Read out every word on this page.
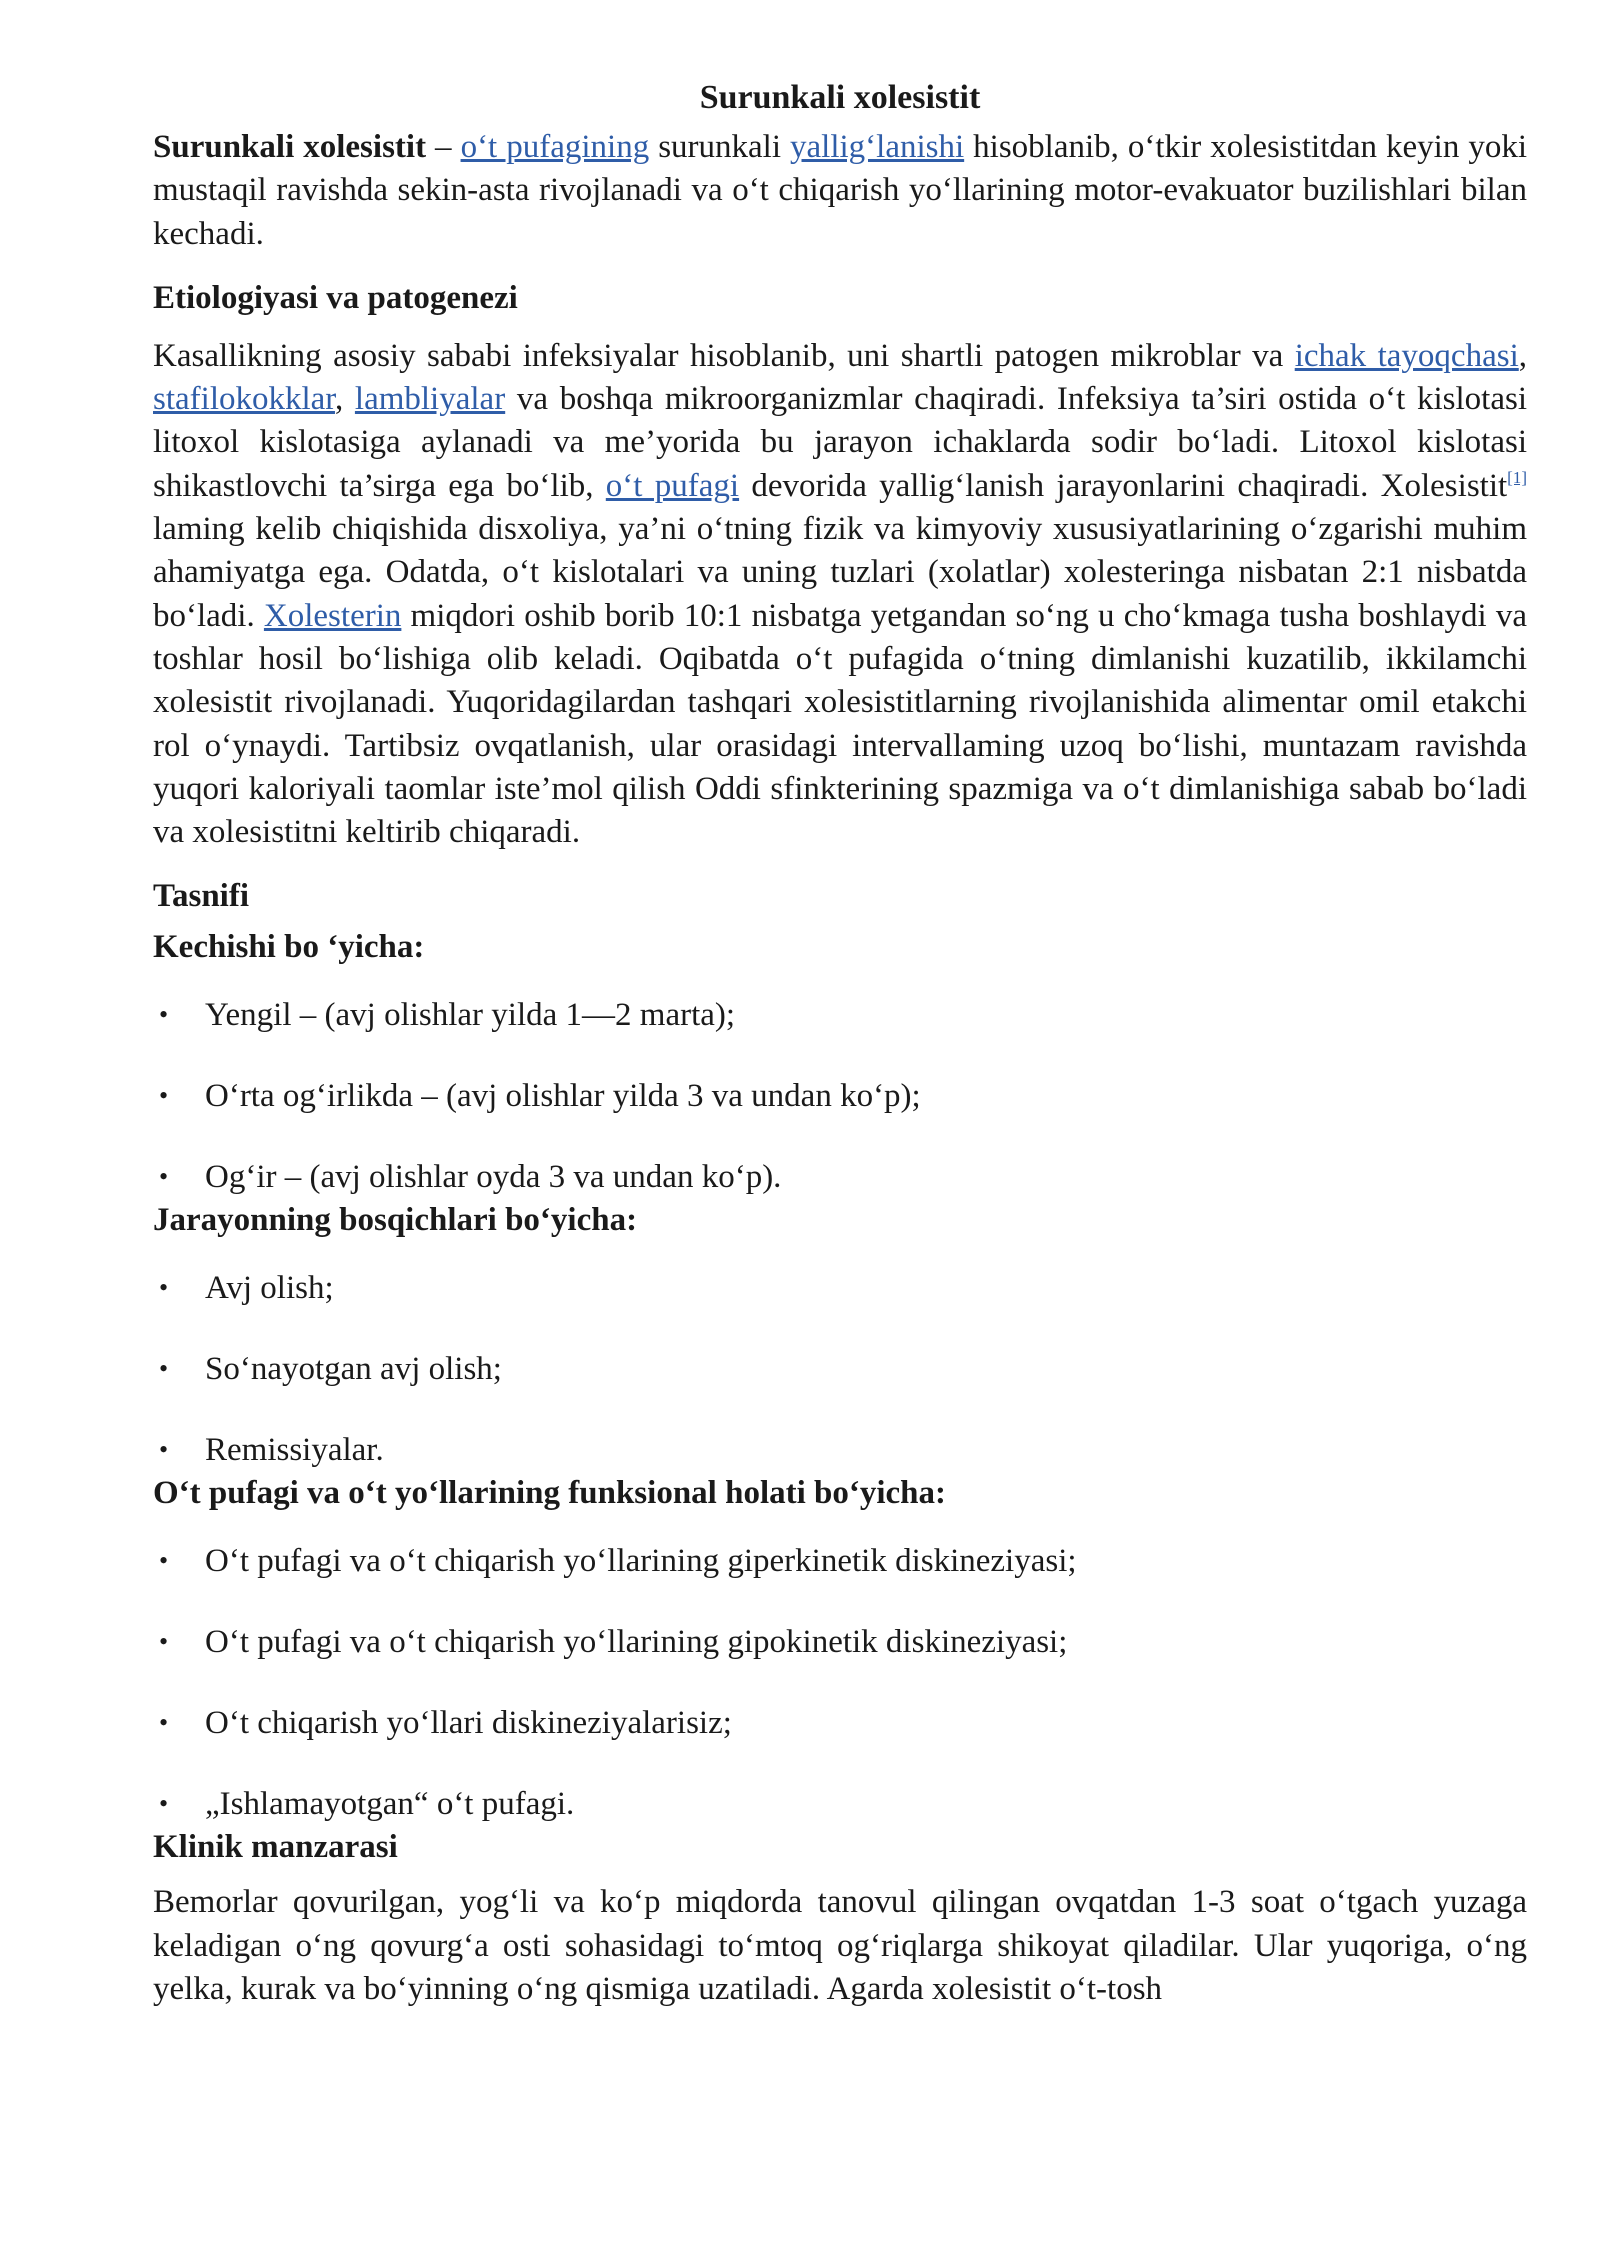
Surunkali xolesistit

Surunkali xolesistit – o‘t pufagining surunkali yallig‘lanishi hisoblanib, o‘tkir xolesistitdan keyin yoki mustaqil ravishda sekin-asta rivojlanadi va o‘t chiqarish yo‘llarining motor-evakuator buzilishlari bilan kechadi.

Etiologiyasi va patogenezi

Kasallikning asosiy sababi infeksiyalar hisoblanib, uni shartli patogen mikroblar va ichak tayoqchasi, stafilokokklar, lambliyalar va boshqa mikroorganizmlar chaqiradi. Infeksiya ta’siri ostida o‘t kislotasi litoxol kislotasiga aylanadi va me’yorida bu jarayon ichaklarda sodir bo‘ladi. Litoxol kislotasi shikastlovchi ta’sirga ega bo‘lib, o‘t pufagi devorida yallig‘lanish jarayonlarini chaqiradi. Xolesistit[1] laming kelib chiqishida disxoliya, ya’ni o‘tning fizik va kimyoviy xususiyatlarining o‘zgarishi muhim ahamiyatga ega. Odatda, o‘t kislotalari va uning tuzlari (xolatlar) xolesteringa nisbatan 2:1 nisbatda bo‘ladi. Xolesterin miqdori oshib borib 10:1 nisbatga yetgandan so‘ng u cho‘kmaga tusha boshlaydi va toshlar hosil bo‘lishiga olib keladi. Oqibatda o‘t pufagida o‘tning dimlanishi kuzatilib, ikkilamchi xolesistit rivojlanadi. Yuqoridagilardan tashqari xolesistitlarning rivojlanishida alimentar omil etakchi rol o‘ynaydi. Tartibsiz ovqatlanish, ular orasidagi intervallaming uzoq bo‘lishi, muntazam ravishda yuqori kaloriyali taomlar iste’mol qilish Oddi sfinkterining spazmiga va o‘t dimlanishiga sabab bo‘ladi va xolesistitni keltirib chiqaradi.

Tasnifi
Kechishi bo ‘yicha:
• Yengil – (avj olishlar yilda 1—2 marta);
• O‘rta og‘irlikda – (avj olishlar yilda 3 va undan ko‘p);
• Og‘ir – (avj olishlar oyda 3 va undan ko‘p).
Jarayonning bosqichlari bo‘yicha:
• Avj olish;
• So‘nayotgan avj olish;
• Remissiyalar.
O‘t pufagi va o‘t yo‘llarining funksional holati bo‘yicha:
• O‘t pufagi va o‘t chiqarish yo‘llarining giperkinetik diskineziyasi;
• O‘t pufagi va o‘t chiqarish yo‘llarining gipokinetik diskineziyasi;
• O‘t chiqarish yo‘llari diskineziyalarisiz;
• „Ishlamayotgan“ o‘t pufagi.
Klinik manzarasi

Bemorlar qovurilgan, yog‘li va ko‘p miqdorda tanovul qilingan ovqatdan 1-3 soat o‘tgach yuzaga keladigan o‘ng qovurg‘a osti sohasidagi to‘mtoq og‘riqlarga shikoyat qiladilar. Ular yuqoriga, o‘ng yelka, kurak va bo‘yinning o‘ng qismiga uzatiladi. Agarda xolesistit o‘t-tosh
